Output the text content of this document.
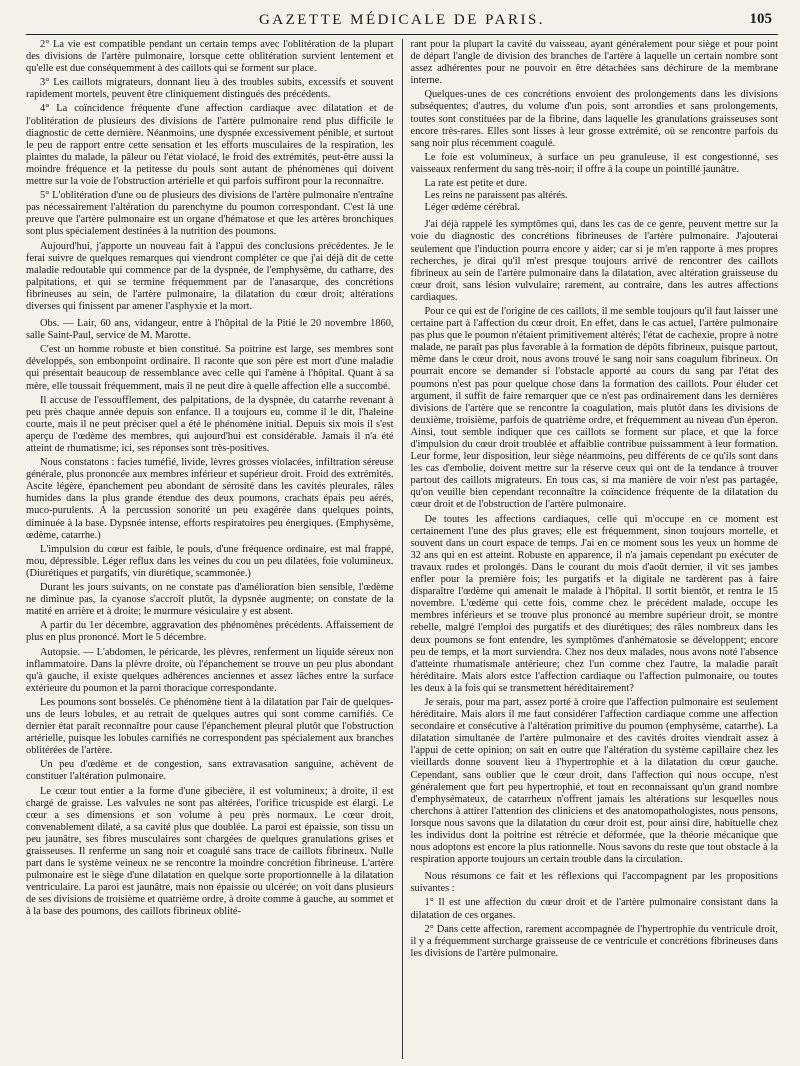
GAZETTE MÉDICALE DE PARIS.	105

2° La vie est compatible pendant un certain temps avec l'oblitération de la plupart des divisions de l'artère pulmonaire, lorsque cette oblitération survient lentement et qu'elle est due conséquemment à des caillots qui se forment sur place.

3° Les caillots migrateurs, donnant lieu à des troubles subits, excessifs et souvent rapidement mortels, peuvent être cliniquement distingués des précédents.

4° La coïncidence fréquente d'une affection cardiaque avec dilatation et de l'oblitération de plusieurs des divisions de l'artère pulmonaire rend plus difficile le diagnostic de cette dernière. Néanmoins, une dyspnée excessivement pénible, et surtout le peu de rapport entre cette sensation et les efforts musculaires de la respiration, les plaintes du malade, la pâleur ou l'état violacé, le froid des extrémités, peut-être aussi la moindre fréquence et la petitesse du pouls sont autant de phénomènes qui doivent mettre sur la voie de l'obstruction artérielle et qui parfois suffiront pour la reconnaître.

5° L'oblitération d'une ou de plusieurs des divisions de l'artère pulmonaire n'entraîne pas nécessairement l'altération du parenchyme du poumon correspondant. C'est là une preuve que l'artère pulmonaire est un organe d'hématose et que les artères bronchiques sont plus spécialement destinées à la nutrition des poumons.

Aujourd'hui, j'apporte un nouveau fait à l'appui des conclusions précédentes. Je le ferai suivre de quelques remarques qui viendront compléter ce que j'ai déjà dit de cette maladie redoutable qui commence par de la dyspnée, de l'emphysème, du catharre, des palpitations, et qui se termine fréquemment par de l'anasarque, des concrétions fibrineuses au sein, de l'artère pulmonaire, la dilatation du cœur droit; altérations diverses qui finissent par amener l'asphyxie et la mort.

Obs. — Lair, 60 ans, vidangeur, entre à l'hôpital de la Pitié le 20 novembre 1860, salle Saint-Paul, service de M. Marotte.

C'est un homme robuste et bien constitué. Sa poitrine est large, ses membres sont développés, son embonpoint ordinaire. Il raconte que son père est mort d'une maladie qui présentait beaucoup de ressemblance avec celle qui l'amène à l'hôpital. Quant à sa mère, elle toussait fréquemment, mais il ne peut dire à quelle affection elle a succombé.

Il accuse de l'essoufflement, des palpitations, de la dyspnée, du catarrhe revenant à peu près chaque année depuis son enfance. Il a toujours eu, comme il le dit, l'haleine courte, mais il ne peut préciser quel a été le phénomène initial. Depuis six mois il s'est aperçu de l'œdème des membres, qui aujourd'hui est considérable. Jamais il n'a été atteint de rhumatisme; ici, ses réponses sont très-positives.

Nous constatons : facies tuméfié, livide, lèvres grosses violacées, infiltration séreuse générale, plus prononcée aux membres inférieur et supérieur droit. Froid des extrémités. Ascite légère, épanchement peu abondant de sérosité dans les cavités pleurales, râles humides dans la plus grande étendue des deux poumons, crachats épais peu aérés, muco-purulents. A la percussion sonorité un peu exagérée dans quelques points, diminuée à la base. Dypsnée intense, efforts respiratoires peu énergiques. (Emphysème, œdème, catarrhe.)

L'impulsion du cœur est faible, le pouls, d'une fréquence ordinaire, est mal frappé, mou, dépressible. Léger reflux dans les veines du cou un peu dilatées, foie volumineux. (Diurétiques et purgatifs, vin diurétique, scammonée.)

Durant les jours suivants, on ne constate pas d'amélioration bien sensible, l'œdème ne diminue pas, la cyanose s'accroît plutôt, la dypsnée augmente; on constate de la matité en arrière et à droite; le murmure vésiculaire y est absent.

A partir du 1er décembre, aggravation des phénomènes précédents. Affaissement de plus en plus prononcé. Mort le 5 décembre.

Autopsie. — L'abdomen, le péricarde, les plèvres, renferment un liquide séreux non inflammatoire. Dans la plèvre droite, où l'épanchement se trouve un peu plus abondant qu'à gauche, il existe quelques adhérences anciennes et assez lâches entre la surface extérieure du poumon et la paroi thoracique correspondante.

Les poumons sont bosselés. Ce phénomène tient à la dilatation par l'air de quelques-uns de leurs lobules, et au retrait de quelques autres qui sont comme carnifiés. Ce dernier état paraît reconnaître pour cause l'épanchement pleural plutôt que l'obstruction artérielle, puisque les lobules carnifiés ne correspondent pas spécialement aux branches oblitérées de l'artère.

Un peu d'œdème et de congestion, sans extravasation sanguine, achèvent de constituer l'altération pulmonaire.

Le cœur tout entier a la forme d'une gibecière, il est volumineux; à droite, il est chargé de graisse. Les valvules ne sont pas altérées, l'orifice tricuspide est élargi. Le cœur a ses dimensions et son volume à peu près normaux. Le cœur droit, convenablement dilaté, a sa cavité plus que doublée. La paroi est épaissie, son tissu un peu jaunâtre, ses fibres musculaires sont chargées de quelques granulations grises et graisseuses. Il renferme un sang noir et coagulé sans trace de caillots fibrineux. Nulle part dans le système veineux ne se rencontre la moindre concrétion fibrineuse. L'artère pulmonaire est le siège d'une dilatation en quelque sorte proportionnelle à la dilatation ventriculaire. La paroi est jaunâtre, mais non épaissie ou ulcérée; on voit dans plusieurs de ses divisions de troisième et quatrième ordre, à droite comme à gauche, au sommet et à la base des poumons, des caillots fibrineux oblité-

rant pour la plupart la cavité du vaisseau, ayant généralement pour siège et pour point de départ l'angle de division des branches de l'artère à laquelle un certain nombre sont assez adhérentes pour ne pouvoir en être détachées sans déchirure de la membrane interne.

Quelques-unes de ces concrétions envoient des prolongements dans les divisions subséquentes; d'autres, du volume d'un pois, sont arrondies et sans prolongements, toutes sont constituées par de la fibrine, dans laquelle les granulations graisseuses sont encore très-rares. Elles sont lisses à leur grosse extrémité, où se rencontre parfois du sang noir plus récemment coagulé.

Le foie est volumineux, à surface un peu granuleuse, il est congestionné, ses vaisseaux renferment du sang très-noir; il offre à la coupe un pointillé jaunâtre.

La rate est petite et dure.

Les reins ne paraissent pas altérés.

Léger œdème cérébral.

J'ai déjà rappelé les symptômes qui, dans les cas de ce genre, peuvent mettre sur la voie du diagnostic des concrétions fibrineuses de l'artère pulmonaire. J'ajouterai seulement que l'induction pourra encore y aider; car si je m'en rapporte à mes propres recherches, je dirai qu'il m'est presque toujours arrivé de rencontrer des caillots fibrineux au sein de l'artère pulmonaire dans la dilatation, avec altération graisseuse du cœur droit, sans lésion vulvulaire; rarement, au contraire, dans les autres affections cardiaques.

Pour ce qui est de l'origine de ces caillots, il me semble toujours qu'il faut laisser une certaine part à l'affection du cœur droit. En effet, dans le cas actuel, l'artère pulmonaire pas plus que le poumon n'étaient primitivement altérés; l'état de cachexie, propre à notre malade, ne paraît pas plus favorable à la formation de dépôts fibrineux, puisque partout, même dans le cœur droit, nous avons trouvé le sang noir sans coagulum fibrineux. On pourrait encore se demander si l'obstacle apporté au cours du sang par l'état des poumons n'est pas pour quelque chose dans la formation des caillots. Pour éluder cet argument, il suffit de faire remarquer que ce n'est pas ordinairement dans les dernières divisions de l'artère que se rencontre la coagulation, mais plutôt dans les divisions de deuxième, troisième, parfois de quatrième ordre, et fréquemment au niveau d'un éperon. Ainsi, tout semble indiquer que ces caillots se forment sur place, et que la force d'impulsion du cœur droit troublée et affaiblie contribue puissamment à leur formation. Leur forme, leur disposition, leur siège néanmoins, peu différents de ce qu'ils sont dans les cas d'embolie, doivent mettre sur la réserve ceux qui ont de la tendance à trouver partout des caillots migrateurs. En tous cas, si ma manière de voir n'est pas partagée, qu'on veuille bien cependant reconnaître la coïncidence fréquente de la dilatation du cœur droit et de l'obstruction de l'artère pulmonaire.

De toutes les affections cardiaques, celle qui m'occupe en ce moment est certainement l'une des plus graves; elle est fréquemment, sinon toujours mortelle, et souvent dans un court espace de temps. J'ai en ce moment sous les yeux un homme de 32 ans qui en est atteint. Robuste en apparence, il n'a jamais cependant pu exécuter de travaux rudes et prolongés. Dans le courant du mois d'août dernier, il vit ses jambes enfler pour la première fois; les purgatifs et la digitale ne tardèrent pas à faire disparaître l'œdème qui amenait le malade à l'hôpital. Il sortit bientôt, et rentra le 15 novembre. L'œdème qui cette fois, comme chez le précédent malade, occupe les membres inférieurs et se trouve plus prononcé au membre supérieur droit, se montre rebelle, malgré l'emploi des purgatifs et des diurétiques; des râles nombreux dans les deux poumons se font entendre, les symptômes d'anhématosie se développent; encore peu de temps, et la mort surviendra. Chez nos deux malades, nous avons noté l'absence d'atteinte rhumatismale antérieure; chez l'un comme chez l'autre, la maladie paraît héréditaire. Mais alors estce l'affection cardiaque ou l'affection pulmonaire, ou toutes les deux à la fois qui se transmettent héréditairement?

Je serais, pour ma part, assez porté à croire que l'affection pulmonaire est seulement héréditaire. Mais alors il me faut considérer l'affection cardiaque comme une affection secondaire et consécutive à l'altération primitive du poumon (emphysème, catarrhe). La dilatation simultanée de l'artère pulmonaire et des cavités droites viendrait assez à l'appui de cette opinion; on sait en outre que l'altération du système capillaire chez les vieillards donne souvent lieu à l'hypertrophie et à la dilatation du cœur gauche. Cependant, sans oublier que le cœur droit, dans l'affection qui nous occupe, n'est généralement que fort peu hypertrophié, et tout en reconnaissant qu'un grand nombre d'emphysémateux, de catarrheux n'offrent jamais les altérations sur lesquelles nous cherchons à attirer l'attention des cliniciens et des anatomopathologistes, nous pensons, lorsque nous savons que la dilatation du cœur droit est, pour ainsi dire, habituelle chez les individus dont la poitrine est rétrécie et déformée, que la théorie mécanique que nous adoptons est encore la plus rationnelle. Nous savons du reste que tout obstacle à la respiration apporte toujours un certain trouble dans la circulation.

Nous résumons ce fait et les réflexions qui l'accompagnent par les propositions suivantes :

1° Il est une affection du cœur droit et de l'artère pulmonaire consistant dans la dilatation de ces organes.

2° Dans cette affection, rarement accompagnée de l'hypertrophie du ventricule droit, il y a fréquemment surcharge graisseuse de ce ventricule et concrétions fibrineuses dans les divisions de l'artère pulmonaire.
